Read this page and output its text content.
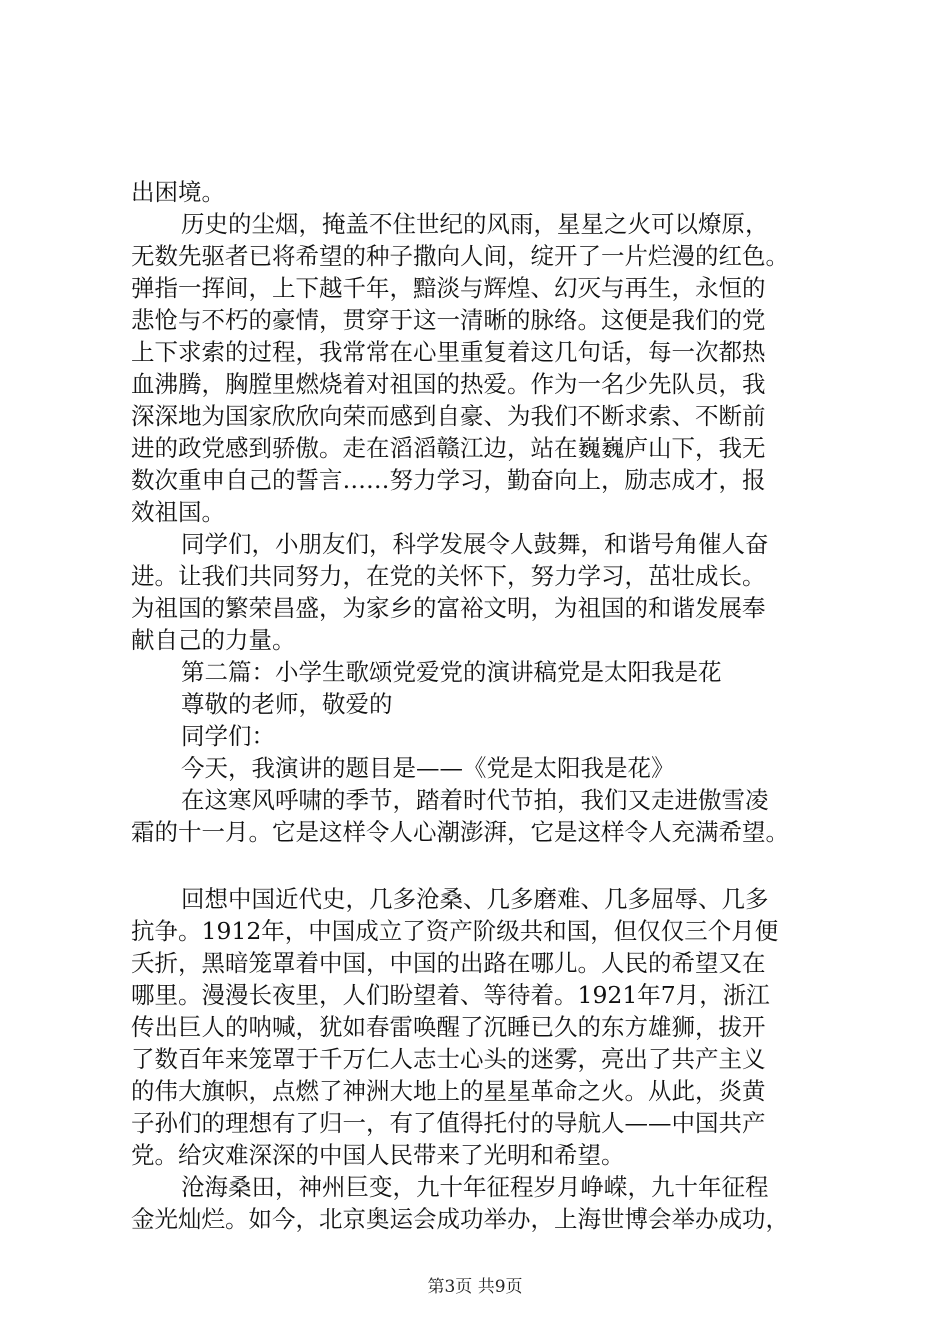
出困境。
历史的尘烟，掩盖不住世纪的风雨，星星之火可以燎原，
无数先驱者已将希望的种子撒向人间，绽开了一片烂漫的红色。
弹指一挥间，上下越千年，黯淡与辉煌、幻灭与再生，永恒的
悲怆与不朽的豪情，贯穿于这一清晰的脉络。这便是我们的党
上下求索的过程，我常常在心里重复着这几句话，每一次都热
血沸腾，胸膛里燃烧着对祖国的热爱。作为一名少先队员，我
深深地为国家欣欣向荣而感到自豪、为我们不断求索、不断前
进的政党感到骄傲。走在滔滔赣江边，站在巍巍庐山下，我无
数次重申自己的誓言……努力学习，勤奋向上，励志成才，报
效祖国。
同学们，小朋友们，科学发展令人鼓舞，和谐号角催人奋
进。让我们共同努力，在党的关怀下，努力学习，茁壮成长。
为祖国的繁荣昌盛，为家乡的富裕文明，为祖国的和谐发展奉
献自己的力量。
第二篇：小学生歌颂党爱党的演讲稿党是太阳我是花
尊敬的老师，敬爱的
同学们：
今天，我演讲的题目是——《党是太阳我是花》
在这寒风呼啸的季节，踏着时代节拍，我们又走进傲雪凌
霜的十一月。它是这样令人心潮澎湃，它是这样令人充满希望。
回想中国近代史，几多沧桑、几多磨难、几多屈辱、几多
抗争。1912年，中国成立了资产阶级共和国，但仅仅三个月便
夭折，黑暗笼罩着中国，中国的出路在哪儿。人民的希望又在
哪里。漫漫长夜里，人们盼望着、等待着。1921年7月，浙江
传出巨人的呐喊，犹如春雷唤醒了沉睡已久的东方雄狮，拔开
了数百年来笼罩于千万仁人志士心头的迷雾，亮出了共产主义
的伟大旗帜，点燃了神洲大地上的星星革命之火。从此，炎黄
子孙们的理想有了归一，有了值得托付的导航人——中国共产
党。给灾难深深的中国人民带来了光明和希望。
沧海桑田，神州巨变，九十年征程岁月峥嵘，九十年征程
金光灿烂。如今，北京奥运会成功举办，上海世博会举办成功，
第3页 共9页
